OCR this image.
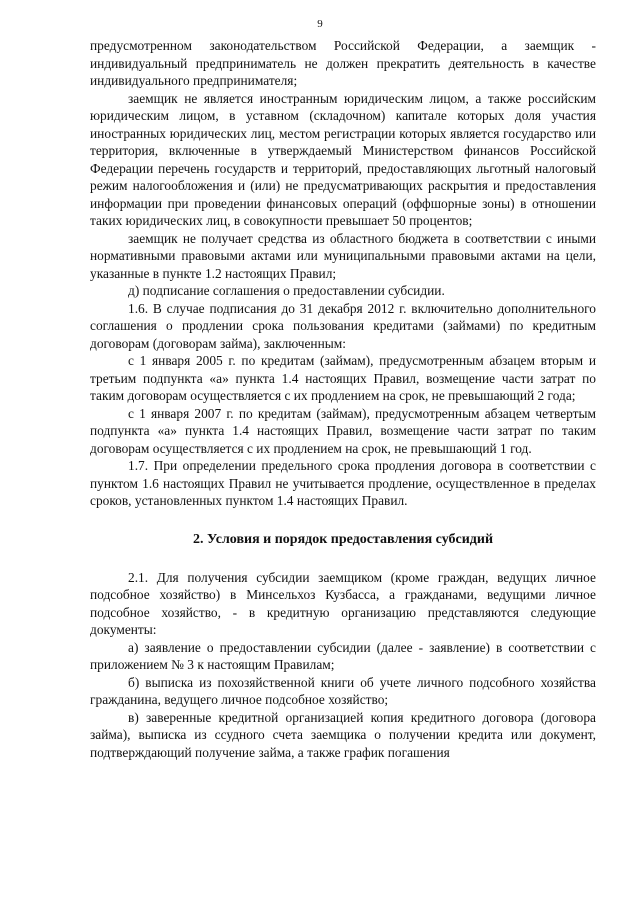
9

предусмотренном законодательством Российской Федерации, а заемщик - индивидуальный предприниматель не должен прекратить деятельность в качестве индивидуального предпринимателя;

заемщик не является иностранным юридическим лицом, а также российским юридическим лицом, в уставном (складочном) капитале которых доля участия иностранных юридических лиц, местом регистрации которых является государство или территория, включенные в утверждаемый Министерством финансов Российской Федерации перечень государств и территорий, предоставляющих льготный налоговый режим налогообложения и (или) не предусматривающих раскрытия и предоставления информации при проведении финансовых операций (оффшорные зоны) в отношении таких юридических лиц, в совокупности превышает 50 процентов;

заемщик не получает средства из областного бюджета в соответствии с иными нормативными правовыми актами или муниципальными правовыми актами на цели, указанные в пункте 1.2 настоящих Правил;

д) подписание соглашения о предоставлении субсидии.

1.6. В случае подписания до 31 декабря 2012 г. включительно дополнительного соглашения о продлении срока пользования кредитами (займами) по кредитным договорам (договорам займа), заключенным:

с 1 января 2005 г. по кредитам (займам), предусмотренным абзацем вторым и третьим подпункта «а» пункта 1.4 настоящих Правил, возмещение части затрат по таким договорам осуществляется с их продлением на срок, не превышающий 2 года;

с 1 января 2007 г. по кредитам (займам), предусмотренным абзацем четвертым подпункта «а» пункта 1.4 настоящих Правил, возмещение части затрат по таким договорам осуществляется с их продлением на срок, не превышающий 1 год.

1.7. При определении предельного срока продления договора в соответствии с пунктом 1.6 настоящих Правил не учитывается продление, осуществленное в пределах сроков, установленных пунктом 1.4 настоящих Правил.

2. Условия и порядок предоставления субсидий

2.1. Для получения субсидии заемщиком (кроме граждан, ведущих личное подсобное хозяйство) в Минсельхоз Кузбасса, а гражданами, ведущими личное подсобное хозяйство, - в кредитную организацию представляются следующие документы:

а) заявление о предоставлении субсидии (далее - заявление) в соответствии с приложением № 3 к настоящим Правилам;

б) выписка из похозяйственной книги об учете личного подсобного хозяйства гражданина, ведущего личное подсобное хозяйство;

в) заверенные кредитной организацией копия кредитного договора (договора займа), выписка из ссудного счета заемщика о получении кредита или документ, подтверждающий получение займа, а также график погашения
